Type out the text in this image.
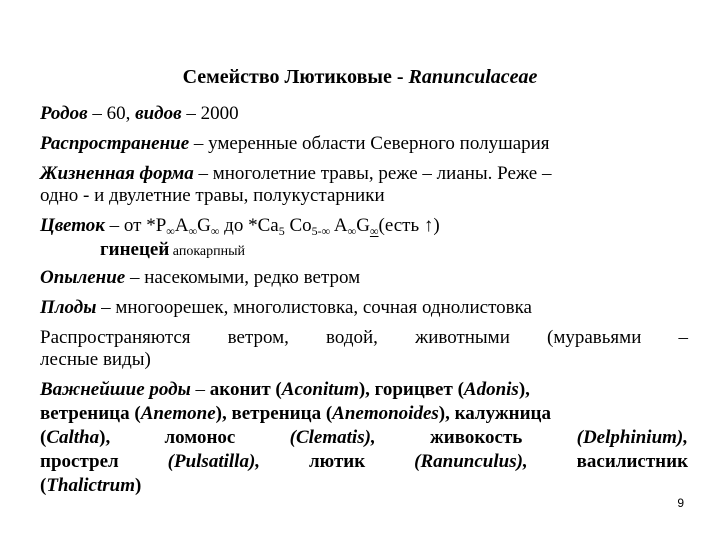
Семейство Лютиковые - Ranunculaceae
Родов – 60, видов – 2000
Распространение – умеренные области Северного полушария
Жизненная форма – многолетние травы, реже – лианы. Реже –
одно - и двулетние травы, полукустарники
Цветок – от $*P_\infty A_\infty G_\infty$ до $*Ca_5$ $Co_{5-\infty}$ $A_\infty G_\infty(есть$ ↑)
гинецей апокарпный
Опыление – насекомыми, редко ветром
Плоды – многоорешек, многолистовка, сочная однолистовка
Распространяются ветром, водой, животными (муравьями –
лесные виды)
Важнейшие роды – аконит (Aconitum), горицвет (Adonis),
ветреница (Anemone), ветреница (Anemonoides), калужница
(Caltha),	ломонос	(Clematis),	живокость	(Delphinium),
прострел	(Pulsatilla),	лютик	(Ranunculus),	василистник
(Thalictrum)
9
